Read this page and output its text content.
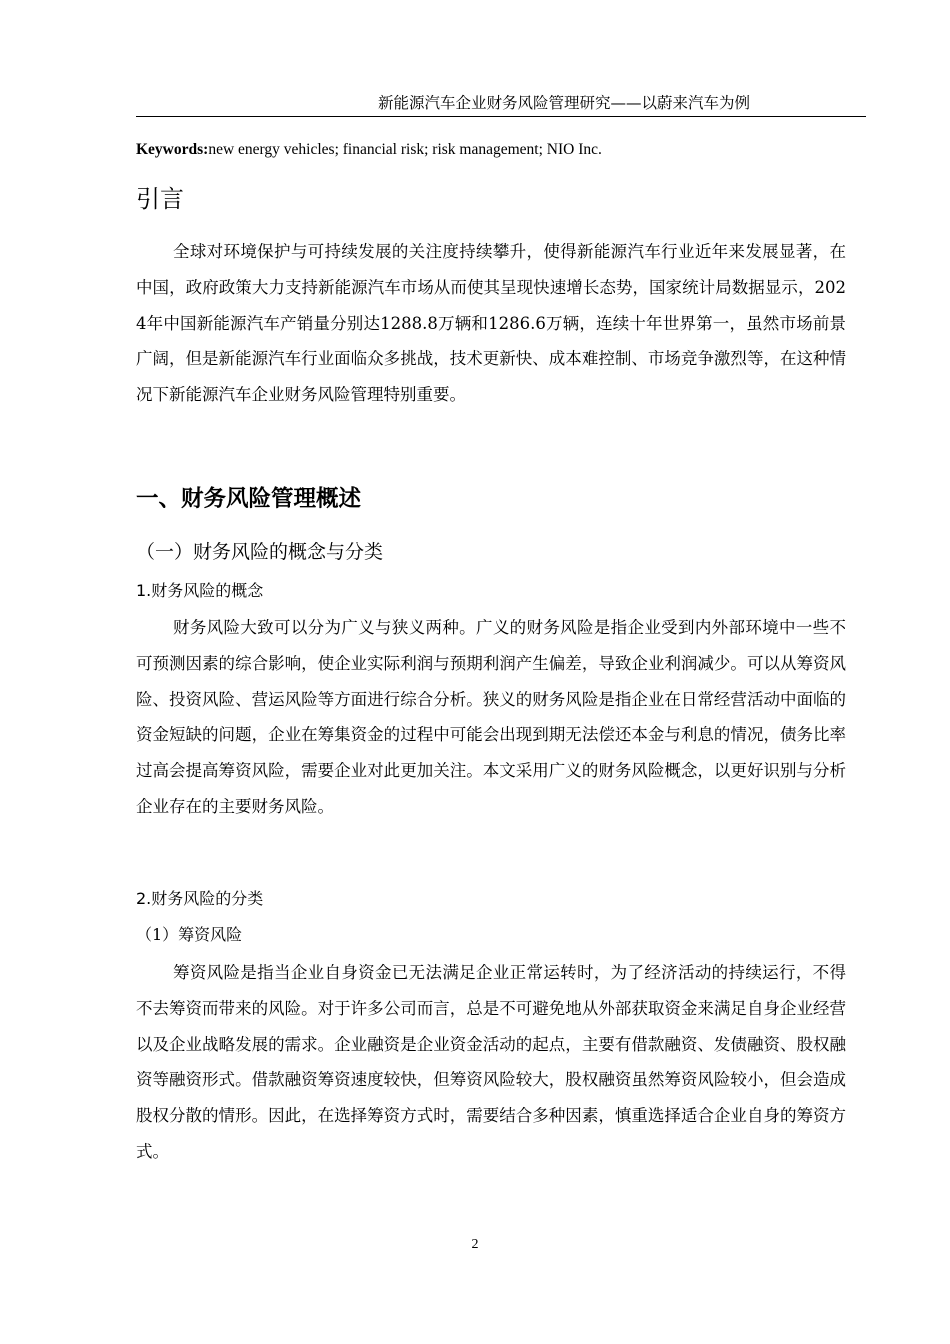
新能源汽车企业财务风险管理研究——以蔚来汽车为例
Keywords:new energy vehicles; financial risk; risk management; NIO Inc.
引言

全球对环境保护与可持续发展的关注度持续攀升，使得新能源汽车行业近年来发展显著，在中国，政府政策大力支持新能源汽车市场从而使其呈现快速增长态势，国家统计局数据显示，2024年中国新能源汽车产销量分别达1288.8万辆和1286.6万辆，连续十年世界第一，虽然市场前景广阔，但是新能源汽车行业面临众多挑战，技术更新快、成本难控制、市场竞争激烈等，在这种情况下新能源汽车企业财务风险管理特别重要。

一、财务风险管理概述
（一）财务风险的概念与分类
1.财务风险的概念

财务风险大致可以分为广义与狭义两种。广义的财务风险是指企业受到内外部环境中一些不可预测因素的综合影响，使企业实际利润与预期利润产生偏差，导致企业利润减少。可以从筹资风险、投资风险、营运风险等方面进行综合分析。狭义的财务风险是指企业在日常经营活动中面临的资金短缺的问题，企业在筹集资金的过程中可能会出现到期无法偿还本金与利息的情况，债务比率过高会提高筹资风险，需要企业对此更加关注。本文采用广义的财务风险概念，以更好识别与分析企业存在的主要财务风险。

2.财务风险的分类
（1）筹资风险

筹资风险是指当企业自身资金已无法满足企业正常运转时，为了经济活动的持续运行，不得不去筹资而带来的风险。对于许多公司而言，总是不可避免地从外部获取资金来满足自身企业经营以及企业战略发展的需求。企业融资是企业资金活动的起点，主要有借款融资、发债融资、股权融资等融资形式。借款融资筹资速度较快，但筹资风险较大，股权融资虽然筹资风险较小，但会造成股权分散的情形。因此，在选择筹资方式时，需要结合多种因素，慎重选择适合企业自身的筹资方式。

2
